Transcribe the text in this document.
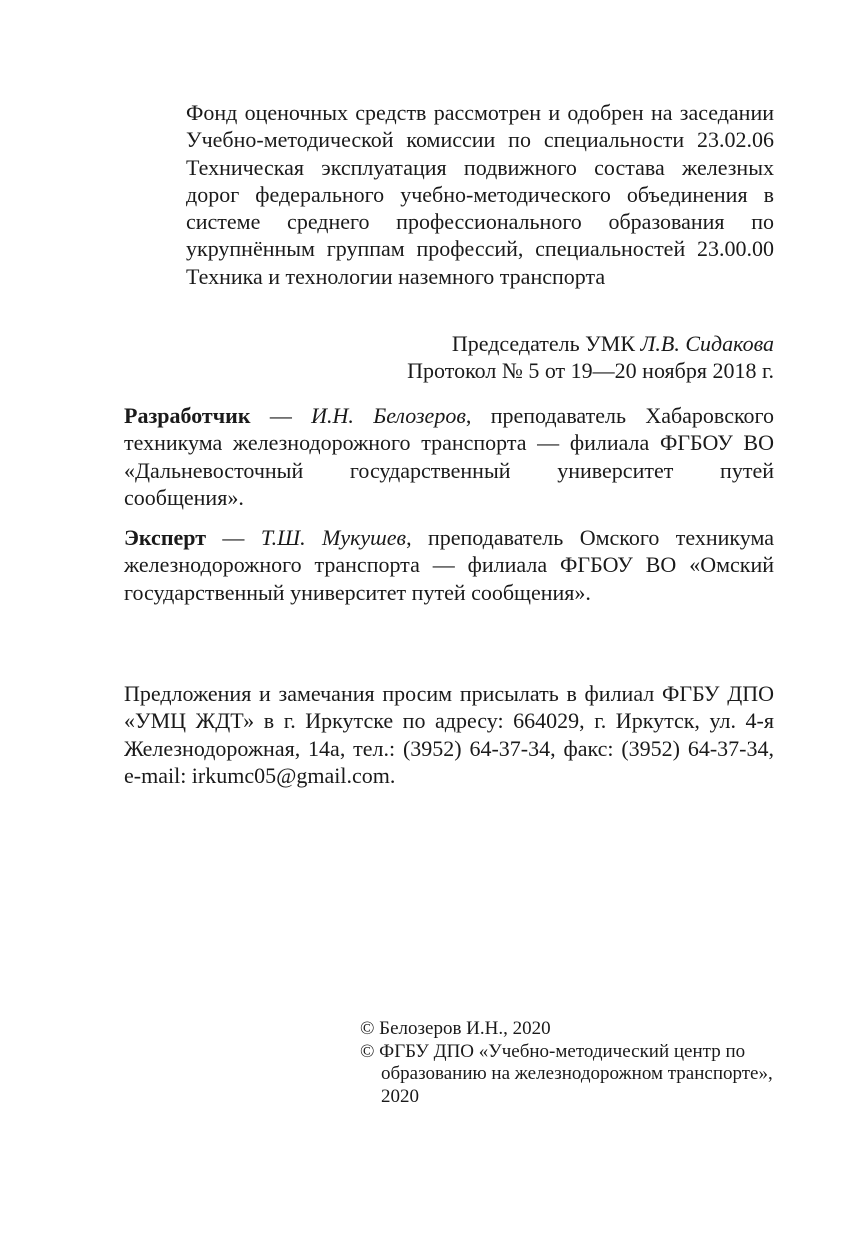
Фонд оценочных средств рассмотрен и одобрен на заседании Учебно-методической комиссии по специальности 23.02.06 Техническая эксплуатация подвижного состава железных дорог федерального учебно-методического объединения в системе среднего профессионального образования по укрупнённым группам профессий, специальностей 23.00.00 Техника и технологии наземного транспорта
Председатель УМК Л.В. Сидакова
Протокол № 5 от 19—20 ноября 2018 г.
Разработчик — И.Н. Белозеров, преподаватель Хабаровского техникума железнодорожного транспорта — филиала ФГБОУ ВО «Дальневосточный государственный университет путей сообщения».
Эксперт — Т.Ш. Мукушев, преподаватель Омского техникума железнодорожного транспорта — филиала ФГБОУ ВО «Омский государственный университет путей сообщения».
Предложения и замечания просим присылать в филиал ФГБУ ДПО «УМЦ ЖДТ» в г. Иркутске по адресу: 664029, г. Иркутск, ул. 4-я Железнодорожная, 14а, тел.: (3952) 64-37-34, факс: (3952) 64-37-34, e-mail: irkumc05@gmail.com.
© Белозеров И.Н., 2020
© ФГБУ ДПО «Учебно-методический центр по образованию на железнодорожном транспорте», 2020
